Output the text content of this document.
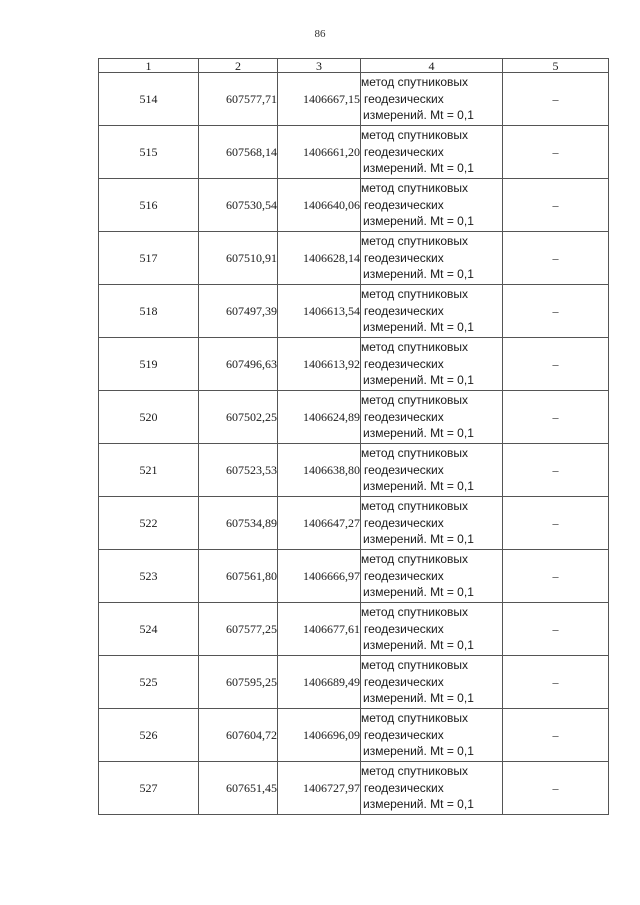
86
1	2	3	4	5
514	607577,71	1406667,15	метод спутниковых
геодезических
измерений. Mt = 0,1	–
515	607568,14	1406661,20	метод спутниковых
геодезических
измерений. Mt = 0,1	–
516	607530,54	1406640,06	метод спутниковых
геодезических
измерений. Mt = 0,1	–
517	607510,91	1406628,14	метод спутниковых
геодезических
измерений. Mt = 0,1	–
518	607497,39	1406613,54	метод спутниковых
геодезических
измерений. Mt = 0,1	–
519	607496,63	1406613,92	метод спутниковых
геодезических
измерений. Mt = 0,1	–
520	607502,25	1406624,89	метод спутниковых
геодезических
измерений. Mt = 0,1	–
521	607523,53	1406638,80	метод спутниковых
геодезических
измерений. Mt = 0,1	–
522	607534,89	1406647,27	метод спутниковых
геодезических
измерений. Mt = 0,1	–
523	607561,80	1406666,97	метод спутниковых
геодезических
измерений. Mt = 0,1	–
524	607577,25	1406677,61	метод спутниковых
геодезических
измерений. Mt = 0,1	–
525	607595,25	1406689,49	метод спутниковых
геодезических
измерений. Mt = 0,1	–
526	607604,72	1406696,09	метод спутниковых
геодезических
измерений. Mt = 0,1	–
527	607651,45	1406727,97	метод спутниковых
геодезических
измерений. Mt = 0,1	–
